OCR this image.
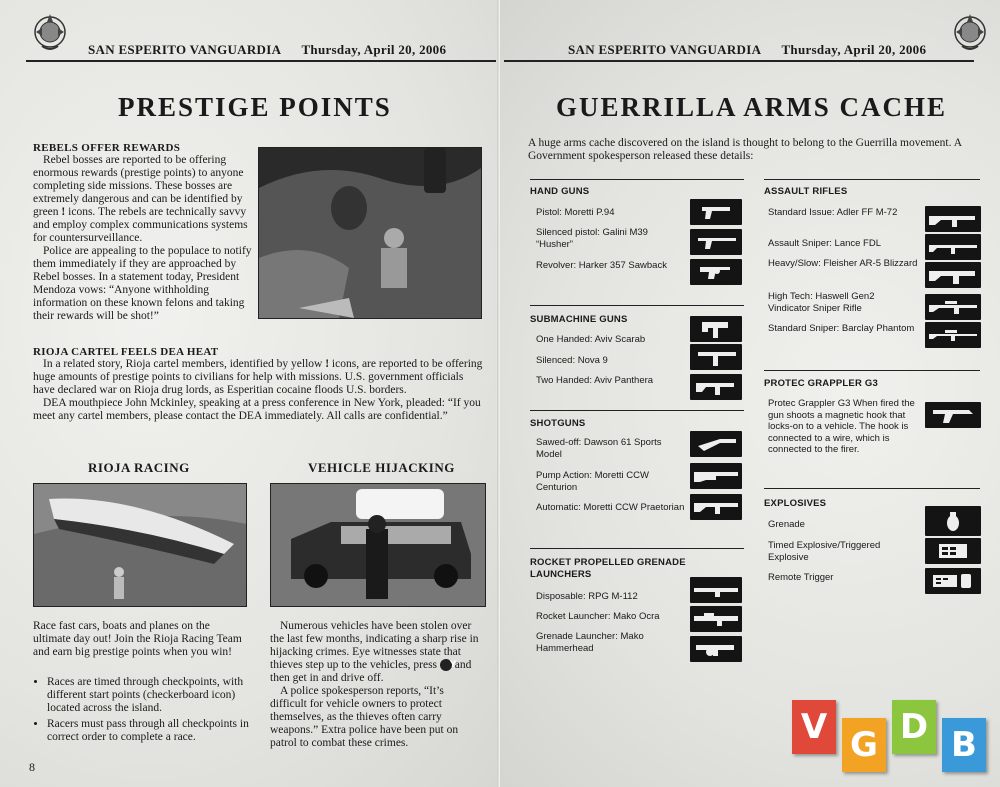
SAN ESPERITO VANGUARDIA Thursday, April 20, 2006
PRESTIGE POINTS
REBELS OFFER REWARDS

Rebel bosses are reported to be offering enormous rewards (prestige points) to anyone completing side missions. These bosses are extremely dangerous and can be identified by green ! icons. The rebels are technically savvy and employ complex communications systems for countersurveillance.

Police are appealing to the populace to notify them immediately if they are approached by Rebel bosses. In a statement today, President Mendoza vows: “Anyone withholding information on these known felons and taking their rewards will be shot!”

RIOJA CARTEL FEELS DEA HEAT

In a related story, Rioja cartel members, identified by yellow ! icons, are reported to be offering huge amounts of prestige points to civilians for help with missions. U.S. government officials have declared war on Rioja drug lords, as Esperitian cocaine floods U.S. borders.

DEA mouthpiece John Mckinley, speaking at a press conference in New York, pleaded: “If you meet any cartel members, please contact the DEA immediately. All calls are confidential.”

RIOJA RACING
Race fast cars, boats and planes on the ultimate day out! Join the Rioja Racing Team and earn big prestige points when you win!
• Races are timed through checkpoints, with different start points (checkerboard icon) located across the island.
• Racers must pass through all checkpoints in correct order to complete a race.
8
VEHICLE HIJACKING

Numerous vehicles have been stolen over the last few months, indicating a sharp rise in hijacking crimes. Eye witnesses state that thieves step up to the vehicles, press Y and then get in and drive off.

A police spokesperson reports, “It’s difficult for vehicle owners to protect themselves, as the thieves often carry weapons.” Extra police have been put on patrol to combat these crimes.

SAN ESPERITO VANGUARDIA Thursday, April 20, 2006
GUERRILLA ARMS CACHE
A huge arms cache discovered on the island is thought to belong to the Guerrilla movement. A Government spokesperson released these details:
HAND GUNS
Pistol: Moretti P.94
Silenced pistol: Galini M39 “Husher”
Revolver: Harker 357 Sawback
SUBMACHINE GUNS
One Handed: Aviv Scarab
Silenced: Nova 9
Two Handed: Aviv Panthera
SHOTGUNS
Sawed-off: Dawson 61 Sports Model
Pump Action: Moretti CCW Centurion
Automatic: Moretti CCW Praetorian
ROCKET PROPELLED GRENADE LAUNCHERS
Disposable: RPG M-112
Rocket Launcher: Mako Ocra
Grenade Launcher: Mako Hammerhead
ASSAULT RIFLES
Standard Issue: Adler FF M-72
Assault Sniper: Lance FDL
Heavy/Slow: Fleisher AR-5 Blizzard
High Tech: Haswell Gen2 Vindicator Sniper Rifle
Standard Sniper: Barclay Phantom
PROTEC GRAPPLER G3
Protec Grappler G3 When fired the gun shoots a magnetic hook that locks-on to a vehicle. The hook is connected to a wire, which is connected to the firer.
EXPLOSIVES
Grenade
Timed Explosive/Triggered Explosive
Remote Trigger
V G D B
